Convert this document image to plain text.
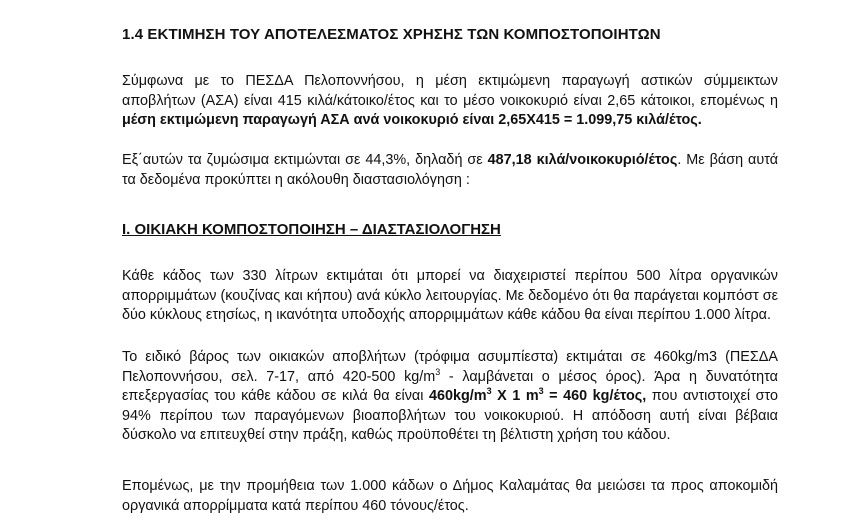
1.4 ΕΚΤΙΜΗΣΗ ΤΟΥ ΑΠΟΤΕΛΕΣΜΑΤΟΣ ΧΡΗΣΗΣ ΤΩΝ ΚΟΜΠΟΣΤΟΠΟΙΗΤΩΝ

Σύμφωνα με το ΠΕΣΔΑ Πελοποννήσου, η μέση εκτιμώμενη παραγωγή αστικών σύμμεικτων αποβλήτων (ΑΣΑ) είναι 415 κιλά/κάτοικο/έτος και το μέσο νοικοκυριό είναι 2,65 κάτοικοι, επομένως η μέση εκτιμώμενη παραγωγή ΑΣΑ ανά νοικοκυριό είναι 2,65Χ415 = 1.099,75 κιλά/έτος.

Εξ΄αυτών τα ζυμώσιμα εκτιμώνται σε 44,3%, δηλαδή σε 487,18 κιλά/νοικοκυριό/έτος. Με βάση αυτά τα δεδομένα προκύπτει η ακόλουθη διαστασιολόγηση :

Ι. ΟΙΚΙΑΚΗ ΚΟΜΠΟΣΤΟΠΟΙΗΣΗ – ΔΙΑΣΤΑΣΙΟΛΟΓΗΣΗ

Κάθε κάδος των 330 λίτρων εκτιμάται ότι μπορεί να διαχειριστεί περίπου 500 λίτρα οργανικών απορριμμάτων (κουζίνας και κήπου) ανά κύκλο λειτουργίας. Με δεδομένο ότι θα παράγεται κομπόστ σε δύο κύκλους ετησίως, η ικανότητα υποδοχής απορριμμάτων κάθε κάδου θα είναι περίπου 1.000 λίτρα.

Το ειδικό βάρος των οικιακών αποβλήτων (τρόφιμα ασυμπίεστα) εκτιμάται σε 460kg/m3 (ΠΕΣΔΑ Πελοποννήσου, σελ. 7-17, από 420-500 $kg/m^3$ - λαμβάνεται ο μέσος όρος). Άρα η δυνατότητα επεξεργασίας του κάθε κάδου σε κιλά θα είναι $460kg/m^3$ Χ 1 $m^3 = 460$ kg/έτος, που αντιστοιχεί στο 94% περίπου των παραγόμενων βιοαποβλήτων του νοικοκυριού. Η απόδοση αυτή είναι βέβαια δύσκολο να επιτευχθεί στην πράξη, καθώς προϋποθέτει τη βέλτιστη χρήση του κάδου.

Επομένως, με την προμήθεια των 1.000 κάδων ο Δήμος Καλαμάτας θα μειώσει τα προς αποκομιδή οργανικά απορρίμματα κατά περίπου 460 τόνους/έτος.
